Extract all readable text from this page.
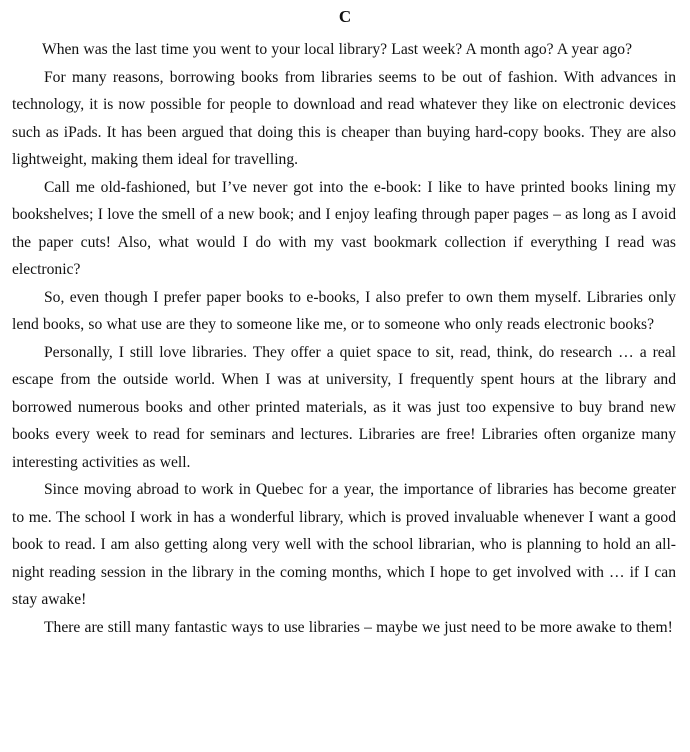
C

When was the last time you went to your local library? Last week? A month ago? A year ago?

For many reasons, borrowing books from libraries seems to be out of fashion. With advances in technology, it is now possible for people to download and read whatever they like on electronic devices such as iPads. It has been argued that doing this is cheaper than buying hard-copy books. They are also lightweight, making them ideal for travelling.

Call me old-fashioned, but I’ve never got into the e-book: I like to have printed books lining my bookshelves; I love the smell of a new book; and I enjoy leafing through paper pages – as long as I avoid the paper cuts! Also, what would I do with my vast bookmark collection if everything I read was electronic?

So, even though I prefer paper books to e-books, I also prefer to own them myself. Libraries only lend books, so what use are they to someone like me, or to someone who only reads electronic books?

Personally, I still love libraries. They offer a quiet space to sit, read, think, do research … a real escape from the outside world. When I was at university, I frequently spent hours at the library and borrowed numerous books and other printed materials, as it was just too expensive to buy brand new books every week to read for seminars and lectures. Libraries are free! Libraries often organize many interesting activities as well.

Since moving abroad to work in Quebec for a year, the importance of libraries has become greater to me. The school I work in has a wonderful library, which is proved invaluable whenever I want a good book to read. I am also getting along very well with the school librarian, who is planning to hold an all-night reading session in the library in the coming months, which I hope to get involved with … if I can stay awake!

There are still many fantastic ways to use libraries – maybe we just need to be more awake to them!
